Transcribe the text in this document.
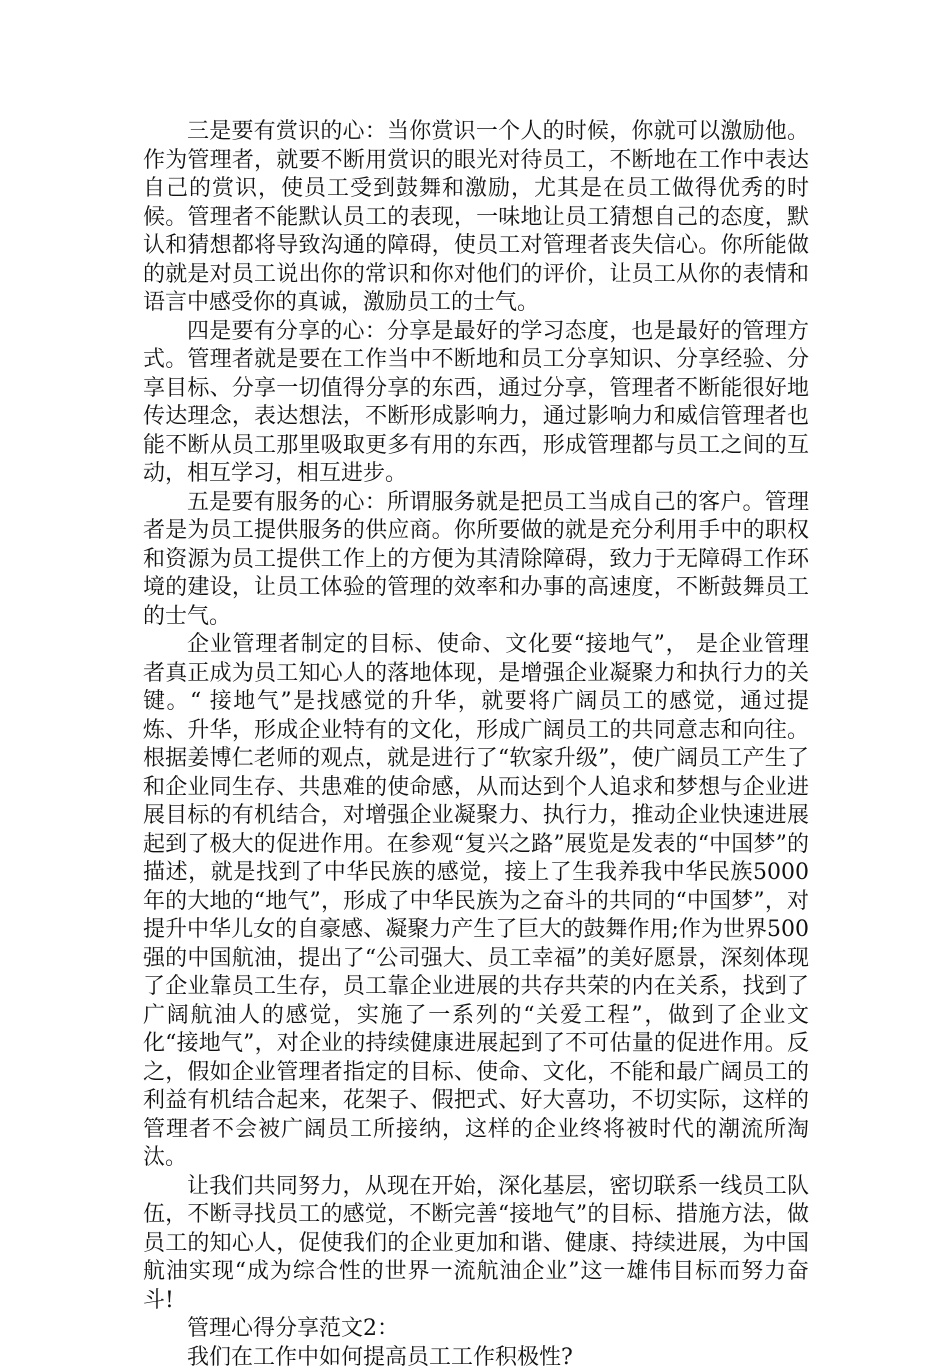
三是要有赏识的心：当你赏识一个人的时候，你就可以激励他。作为管理者，就要不断用赏识的眼光对待员工，不断地在工作中表达自己的赏识，使员工受到鼓舞和激励，尤其是在员工做得优秀的时候。管理者不能默认员工的表现，一味地让员工猜想自己的态度，默认和猜想都将导致沟通的障碍，使员工对管理者丧失信心。你所能做的就是对员工说出你的常识和你对他们的评价，让员工从你的表情和语言中感受你的真诚，激励员工的士气。

四是要有分享的心：分享是最好的学习态度，也是最好的管理方式。管理者就是要在工作当中不断地和员工分享知识、分享经验、分享目标、分享一切值得分享的东西，通过分享，管理者不断能很好地传达理念，表达想法，不断形成影响力，通过影响力和威信管理者也能不断从员工那里吸取更多有用的东西，形成管理都与员工之间的互动，相互学习，相互进步。

五是要有服务的心：所谓服务就是把员工当成自己的客户。管理者是为员工提供服务的供应商。你所要做的就是充分利用手中的职权和资源为员工提供工作上的方便为其清除障碍，致力于无障碍工作环境的建设，让员工体验的管理的效率和办事的高速度，不断鼓舞员工的士气。

企业管理者制定的目标、使命、文化要“接地气”， 是企业管理者真正成为员工知心人的落地体现，是增强企业凝聚力和执行力的关键。“ 接地气”是找感觉的升华，就要将广阔员工的感觉，通过提炼、升华，形成企业特有的文化，形成广阔员工的共同意志和向往。根据姜博仁老师的观点，就是进行了“软家升级”，使广阔员工产生了和企业同生存、共患难的使命感，从而达到个人追求和梦想与企业进展目标的有机结合，对增强企业凝聚力、执行力，推动企业快速进展起到了极大的促进作用。在参观“复兴之路”展览是发表的“中国梦”的描述，就是找到了中华民族的感觉，接上了生我养我中华民族5000年的大地的“地气”，形成了中华民族为之奋斗的共同的“中国梦”，对提升中华儿女的自豪感、凝聚力产生了巨大的鼓舞作用;作为世界500强的中国航油，提出了“公司强大、员工幸福”的美好愿景，深刻体现了企业靠员工生存，员工靠企业进展的共存共荣的内在关系，找到了广阔航油人的感觉，实施了一系列的“关爱工程”，做到了企业文化“接地气”，对企业的持续健康进展起到了不可估量的促进作用。反之，假如企业管理者指定的目标、使命、文化，不能和最广阔员工的利益有机结合起来，花架子、假把式、好大喜功，不切实际，这样的管理者不会被广阔员工所接纳，这样的企业终将被时代的潮流所淘汰。

让我们共同努力，从现在开始，深化基层，密切联系一线员工队伍，不断寻找员工的感觉，不断完善“接地气”的目标、措施方法，做员工的知心人，促使我们的企业更加和谐、健康、持续进展，为中国航油实现“成为综合性的世界一流航油企业”这一雄伟目标而努力奋斗!

管理心得分享范文2：

我们在工作中如何提高员工工作积极性?
